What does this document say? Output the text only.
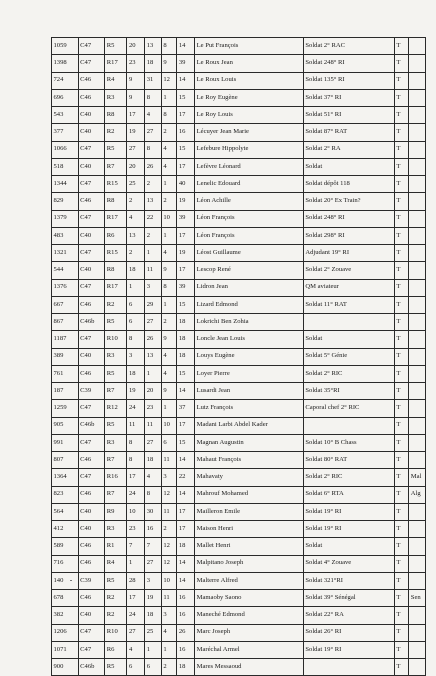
1059	C47	R5	20	13	8	14	Le Put François	Soldat 2° RAC	T	
1398	C47	R17	23	18	9	39	Le Roux Jean	Soldat 248° RI	T	
724	C46	R4	9	31	12	14	Le Roux Louis	Soldat 135° RI	T	
696	C46	R3	9	8	1	15	Le Roy Eugène	Soldat 37° RI	T	
543	C40	R8	17	4	8	17	Le Roy Louis	Soldat 51° RI	T	
377	C40	R2	19	27	2	16	Lécuyer Jean Marie	Soldat 87° RAT	T	
1066	C47	R5	27	8	4	15	Lefebure Hippolyte	Soldat 2° RA	T	
518	C40	R7	20	26	4	17	Lefèvre Léonard	Soldat	T	
1344	C47	R15	25	2	1	40	Lenelic Edouard	Soldat dépôt 118	T	
829	C46	R8	2	13	2	19	Léon Achille	Soldat 20° Ex Train?	T	
1379	C47	R17	4	22	10	39	Léon François	Soldat 248° RI	T	
483	C40	R6	13	2	1	17	Léon François	Soldat 298° RI	T	
1321	C47	R15	2	1	4	19	Léost Guillaume	Adjudant 19° RI	T	
544	C40	R8	18	11	9	17	Lescop René	Soldat 2° Zouave	T	
1376	C47	R17	1	3	8	39	Lidron Jean	QM aviateur	T	
667	C46	R2	6	29	1	15	Lizard Edmond	Soldat 11° RAT	T	
867	C46b	R5	6	27	2	18	Lokrichi Ben Zohia		T	
1187	C47	R10	8	26	9	18	Loncle Jean Louis	Soldat	T	
389	C40	R3	3	13	4	18	Louys Eugène	Soldat 5° Génie	T	
761	C46	R5	18	1	4	15	Loyer Pierre	Soldat 2° RIC	T	
187	C39	R7	19	20	9	14	Lusardi Jean	Soldat 35°RI	T	
1259	C47	R12	24	23	1	37	Lutz François	Caporal chef 2° RIC	T	
905	C46b	R5	11	11	10	17	Madani Larbi Abdel Kader		T	
991	C47	R3	8	27	6	15	Magnan Augustin	Soldat 10° B Chass	T	
807	C46	R7	8	18	11	14	Mahaut François	Soldat 80° RAT	T	
1364	C47	R16	17	4	3	22	Mahavaty	Soldat 2° RIC	T	Mal
823	C46	R7	24	8	12	14	Mahrouf Mohamed	Soldat 6° RTA	T	Alg
564	C40	R9	10	30	11	17	Mailleron Emile	Soldat 19° RI	T	
412	C40	R3	23	16	2	17	Maison Henri	Soldat 19° RI	T	
589	C46	R1	7	7	12	18	Mallet Henri	Soldat	T	
716	C46	R4	1	27	12	14	Malpitano Joseph	Soldat 4° Zouave	T	
140	C39	R5	28	3	10	14	Malterre Alfred	Soldat 321°RI	T	
678	C46	R2	17	19	11	16	Mamaoby Saono	Soldat 39° Sénégal	T	Sen
382	C40	R2	24	18	3	16	Maneché Edmond	Soldat 22° RA	T	
1206	C47	R10	27	25	4	26	Marc Joseph	Soldat 26° RI	T	
1071	C47	R6	4	1	1	16	Maréchal Armel	Soldat 19° RI	T	
900	C46b	R5	6	6	2	18	Mares Messaoud		T	
